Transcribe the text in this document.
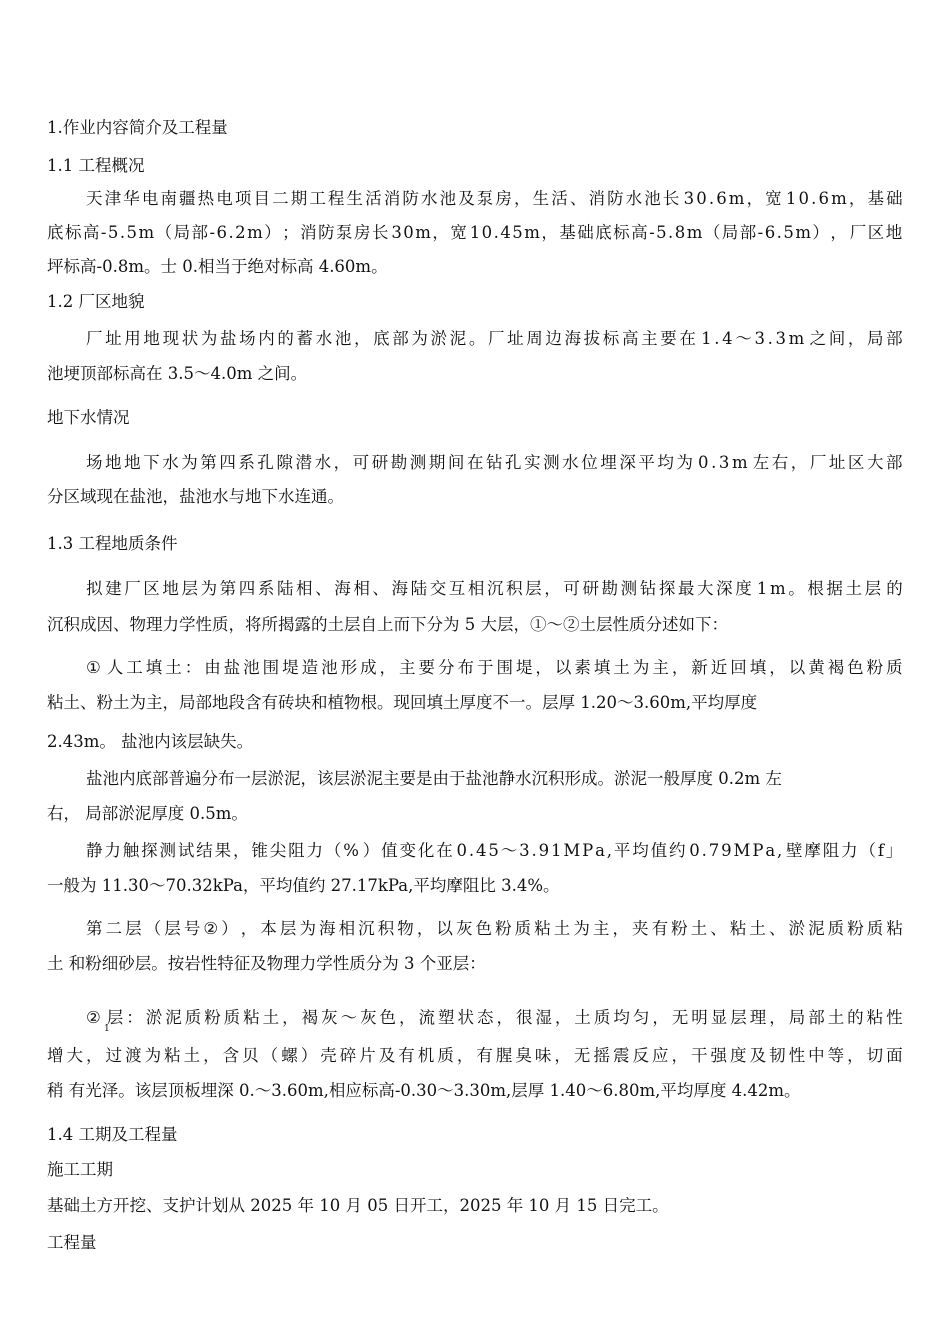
1.作业内容简介及工程量
1.1 工程概况
天 津 华 电 南 疆 热 电 项 目 二 期 工 程 生 活 消 防 水 池 及 泵 房 ， 生 活 、 消 防 水 池 长 3 0 . 6 m ， 宽 1 0 . 6 m ， 基 础
底 标 高 - 5 . 5 m （ 局 部 - 6 . 2 m ） ； 消 防 泵 房 长 3 0 m ， 宽 1 0 . 4 5 m ， 基 础 底 标 高 - 5 . 8 m （ 局 部 - 6 . 5 m ） ， 厂 区 地
坪标高-0.8m。士 0.相当于绝对标高 4.60m。
1.2 厂区地貌
厂 址 用 地 现 状 为 盐 场 内 的 蓄 水 池 ， 底 部 为 淤 泥 。 厂 址 周 边 海 拔 标 高 主 要 在 1 . 4 〜 3 . 3 m 之 间 ， 局 部
池埂顶部标高在 3.5〜4.0m 之间。
地下水情况
场 地 地 下 水 为 第 四 系 孔 隙 潜 水 ， 可 研 勘 测 期 间 在 钻 孔 实 测 水 位 埋 深 平 均 为 0 . 3 m 左 右 ， 厂 址 区 大 部
分区域现在盐池，盐池水与地下水连通。
1.3 工程地质条件
拟 建 厂 区 地 层 为 第 四 系 陆 相 、 海 相 、 海 陆 交 互 相 沉 积 层 ， 可 研 勘 测 钻 探 最 大 深 度 1 m 。 根 据 土 层 的
沉积成因、物理力学性质，将所揭露的土层自上而下分为 5 大层，①〜②土层性质分述如下：
① 人 工 填 土 ： 由 盐 池 围 堤 造 池 形 成 ， 主 要 分 布 于 围 堤 ， 以 素 填 土 为 主 ， 新 近 回 填 ， 以 黄 褐 色 粉 质
粘土、粉土为主，局部地段含有砖块和植物根。现回填土厚度不一。层厚 1.20〜3.60m,平均厚度
2.43m。 盐池内该层缺失。
盐池内底部普遍分布一层淤泥，该层淤泥主要是由于盐池静水沉积形成。淤泥一般厚度 0.2m 左
右， 局部淤泥厚度 0.5m。
静 力 触 探 测 试 结 果 ， 锥 尖 阻 力 （ % ） 值 变 化 在 0 . 4 5 〜 3 . 9 1 M P a , 平 均 值 约 0 . 7 9 M P a , 壁 摩 阻 力 （ f 」
一般为 11.30〜70.32kPa，平均值约 27.17kPa,平均摩阻比 3.4%。
第 二 层 （ 层 号 ② ） ， 本 层 为 海 相 沉 积 物 ， 以 灰 色 粉 质 粘 土 为 主 ， 夹 有 粉 土 、 粘 土 、 淤 泥 质 粉 质 粘
土 和粉细砂层。按岩性特征及物理力学性质分为 3 个亚层：
② 层 ： 淤 泥 质 粉 质 粘 土 ， 褐 灰 〜 灰 色 ， 流 塑 状 态 ， 很 湿 ， 土 质 均 匀 ， 无 明 显 层 理 ， 局 部 土 的 粘 性
1
增 大 ， 过 渡 为 粘 土 ， 含 贝 （ 螺 ） 壳 碎 片 及 有 机 质 ， 有 腥 臭 味 ， 无 摇 震 反 应 ， 干 强 度 及 韧 性 中 等 ， 切 面
稍 有光泽。该层顶板埋深 0.〜3.60m,相应标高-0.30〜3.30m,层厚 1.40〜6.80m,平均厚度 4.42m。
1.4 工期及工程量
施工工期
基础土方开挖、支护计划从 2025 年 10 月 05 日开工，2025 年 10 月 15 日完工。
工程量
